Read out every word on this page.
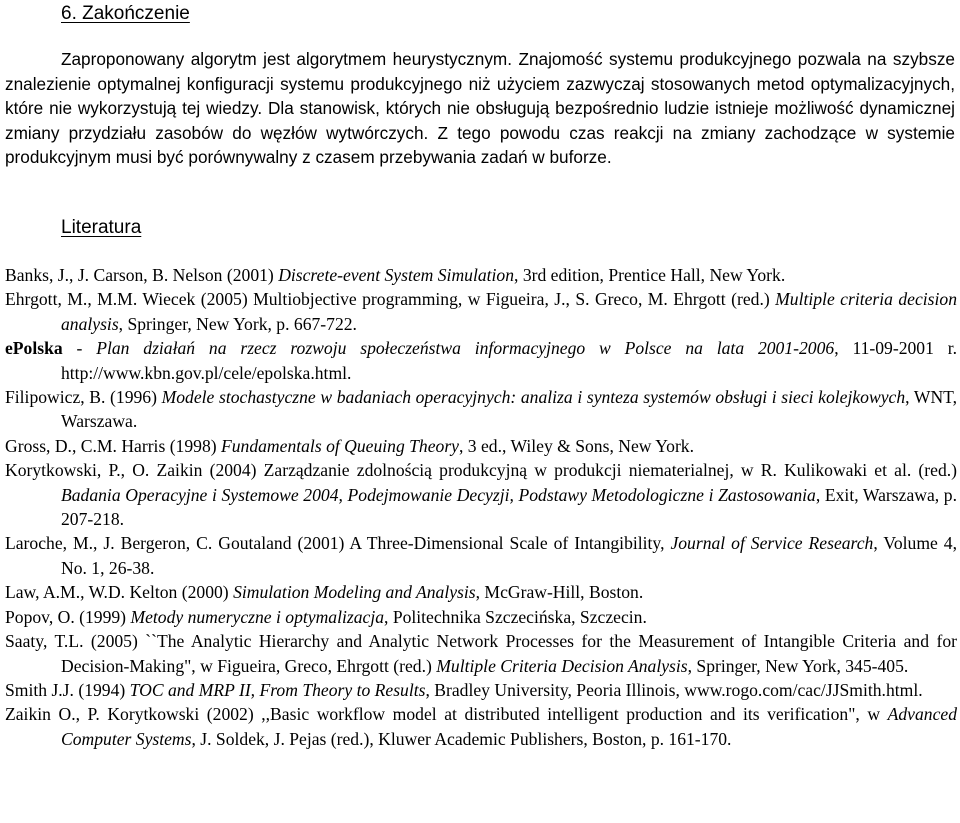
6. Zakończenie

Zaproponowany algorytm jest algorytmem heurystycznym. Znajomość systemu produkcyjnego pozwala na szybsze znalezienie optymalnej konfiguracji systemu produkcyjnego niż użyciem zazwyczaj stosowanych metod optymalizacyjnych, które nie wykorzystują tej wiedzy. Dla stanowisk, których nie obsługują bezpośrednio ludzie istnieje możliwość dynamicznej zmiany przydziału zasobów do węzłów wytwórczych. Z tego powodu czas reakcji na zmiany zachodzące w systemie produkcyjnym musi być porównywalny z czasem przebywania zadań w buforze.

Literatura

Banks, J., J. Carson, B. Nelson (2001) Discrete-event System Simulation, 3rd edition, Prentice Hall, New York.

Ehrgott, M., M.M. Wiecek (2005) Multiobjective programming, w Figueira, J., S. Greco, M. Ehrgott (red.) Multiple criteria decision analysis, Springer, New York, p. 667-722.

ePolska - Plan działań na rzecz rozwoju społeczeństwa informacyjnego w Polsce na lata 2001-2006, 11-09-2001 r. http://www.kbn.gov.pl/cele/epolska.html.

Filipowicz, B. (1996) Modele stochastyczne w badaniach operacyjnych: analiza i synteza systemów obsługi i sieci kolejkowych, WNT, Warszawa.

Gross, D., C.M. Harris (1998) Fundamentals of Queuing Theory, 3 ed., Wiley & Sons, New York.

Korytkowski, P., O. Zaikin (2004) Zarządzanie zdolnością produkcyjną w produkcji niematerialnej, w R. Kulikowaki et al. (red.) Badania Operacyjne i Systemowe 2004, Podejmowanie Decyzji, Podstawy Metodologiczne i Zastosowania, Exit, Warszawa, p. 207-218.

Laroche, M., J. Bergeron, C. Goutaland (2001) A Three-Dimensional Scale of Intangibility, Journal of Service Research, Volume 4, No. 1, 26-38.

Law, A.M., W.D. Kelton (2000) Simulation Modeling and Analysis, McGraw-Hill, Boston.

Popov, O. (1999) Metody numeryczne i optymalizacja, Politechnika Szczecińska, Szczecin.

Saaty, T.L. (2005) ``The Analytic Hierarchy and Analytic Network Processes for the Measurement of Intangible Criteria and for Decision-Making", w Figueira, Greco, Ehrgott (red.) Multiple Criteria Decision Analysis, Springer, New York, 345-405.

Smith J.J. (1994) TOC and MRP II, From Theory to Results, Bradley University, Peoria Illinois, www.rogo.com/cac/JJSmith.html.

Zaikin O., P. Korytkowski (2002) ,,Basic workflow model at distributed intelligent production and its verification", w Advanced Computer Systems, J. Soldek, J. Pejas (red.), Kluwer Academic Publishers, Boston, p. 161-170.
